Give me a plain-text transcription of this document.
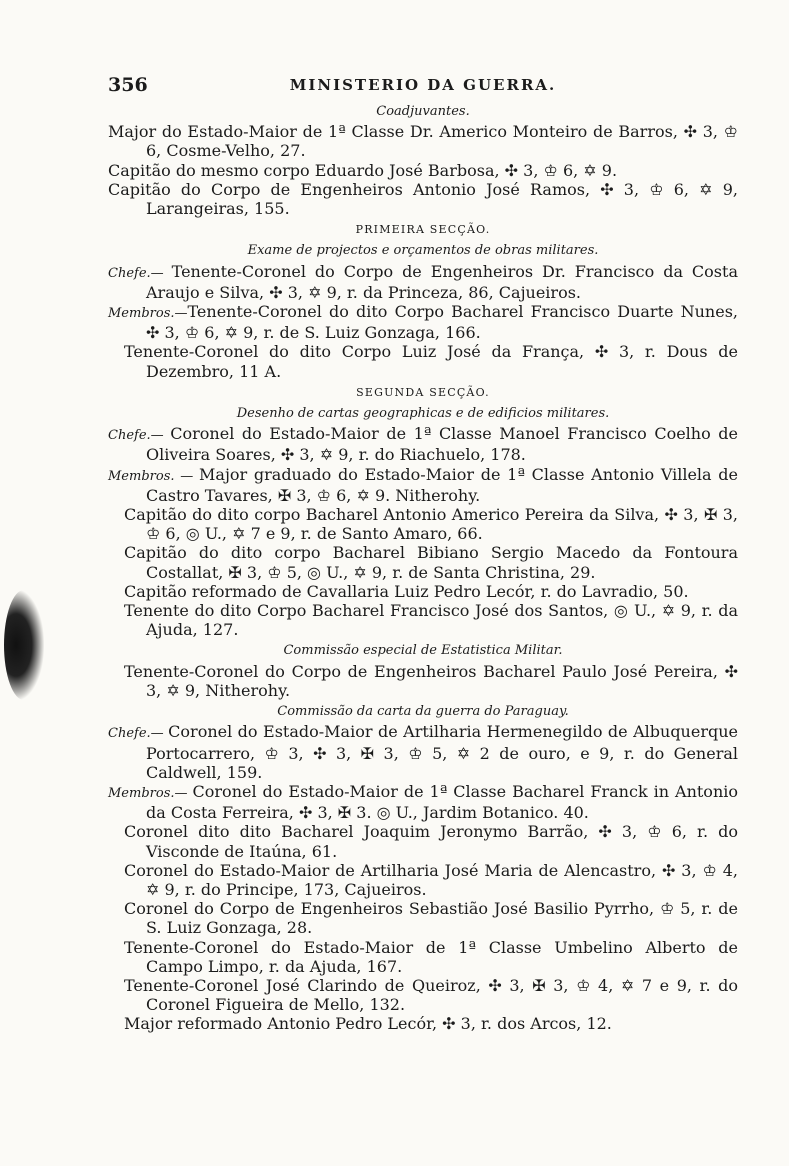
356	MINISTERIO DA GUERRA.
Coadjuvantes.

Major do Estado-Maior de 1ª Classe Dr. Americo Monteiro de Barros, ✣ 3, ♔ 6, Cosme-Velho, 27.

Capitão do mesmo corpo Eduardo José Barbosa, ✣ 3, ♔ 6, ✡ 9.

Capitão do Corpo de Engenheiros Antonio José Ramos, ✣ 3, ♔ 6, ✡ 9, Larangeiras, 155.

PRIMEIRA SECÇÃO.
Exame de projectos e orçamentos de obras militares.

Chefe.— Tenente-Coronel do Corpo de Engenheiros Dr. Francisco da Costa Araujo e Silva, ✣ 3, ✡ 9, r. da Princeza, 86, Cajueiros.

Membros.—Tenente-Coronel do dito Corpo Bacharel Francisco Duarte Nunes, ✣ 3, ♔ 6, ✡ 9, r. de S. Luiz Gonzaga, 166.

Tenente-Coronel do dito Corpo Luiz José da França, ✣ 3, r. Dous de Dezembro, 11 A.

SEGUNDA SECÇÃO.
Desenho de cartas geographicas e de edificios militares.

Chefe.— Coronel do Estado-Maior de 1ª Classe Manoel Francisco Coelho de Oliveira Soares, ✣ 3, ✡ 9, r. do Riachuelo, 178.

Membros. — Major graduado do Estado-Maior de 1ª Classe Antonio Villela de Castro Tavares, ✠ 3, ♔ 6, ✡ 9. Nitherohy.

Capitão do dito corpo Bacharel Antonio Americo Pereira da Silva, ✣ 3, ✠ 3, ♔ 6, ◎ U., ✡ 7 e 9, r. de Santo Amaro, 66.

Capitão do dito corpo Bacharel Bibiano Sergio Macedo da Fontoura Costallat, ✠ 3, ♔ 5, ◎ U., ✡ 9, r. de Santa Christina, 29.

Capitão reformado de Cavallaria Luiz Pedro Lecór, r. do Lavradio, 50.

Tenente do dito Corpo Bacharel Francisco José dos Santos, ◎ U., ✡ 9, r. da Ajuda, 127.

Commissão especial de Estatistica Militar.

Tenente-Coronel do Corpo de Engenheiros Bacharel Paulo José Pereira, ✣ 3, ✡ 9, Nitherohy.

Commissão da carta da guerra do Paraguay.

Chefe.— Coronel do Estado-Maior de Artilharia Hermenegildo de Albuquerque Portocarrero, ♔ 3, ✣ 3, ✠ 3, ♔ 5, ✡ 2 de ouro, e 9, r. do General Caldwell, 159.

Membros.— Coronel do Estado-Maior de 1ª Classe Bacharel Franck in Antonio da Costa Ferreira, ✣ 3, ✠ 3. ◎ U., Jardim Botanico. 40.

Coronel dito dito Bacharel Joaquim Jeronymo Barrão, ✣ 3, ♔ 6, r. do Visconde de Itaúna, 61.

Coronel do Estado-Maior de Artilharia José Maria de Alencastro, ✣ 3, ♔ 4, ✡ 9, r. do Principe, 173, Cajueiros.

Coronel do Corpo de Engenheiros Sebastião José Basilio Pyrrho, ♔ 5, r. de S. Luiz Gonzaga, 28.

Tenente-Coronel do Estado-Maior de 1ª Classe Umbelino Alberto de Campo Limpo, r. da Ajuda, 167.

Tenente-Coronel José Clarindo de Queiroz, ✣ 3, ✠ 3, ♔ 4, ✡ 7 e 9, r. do Coronel Figueira de Mello, 132.

Major reformado Antonio Pedro Lecór, ✣ 3, r. dos Arcos, 12.
